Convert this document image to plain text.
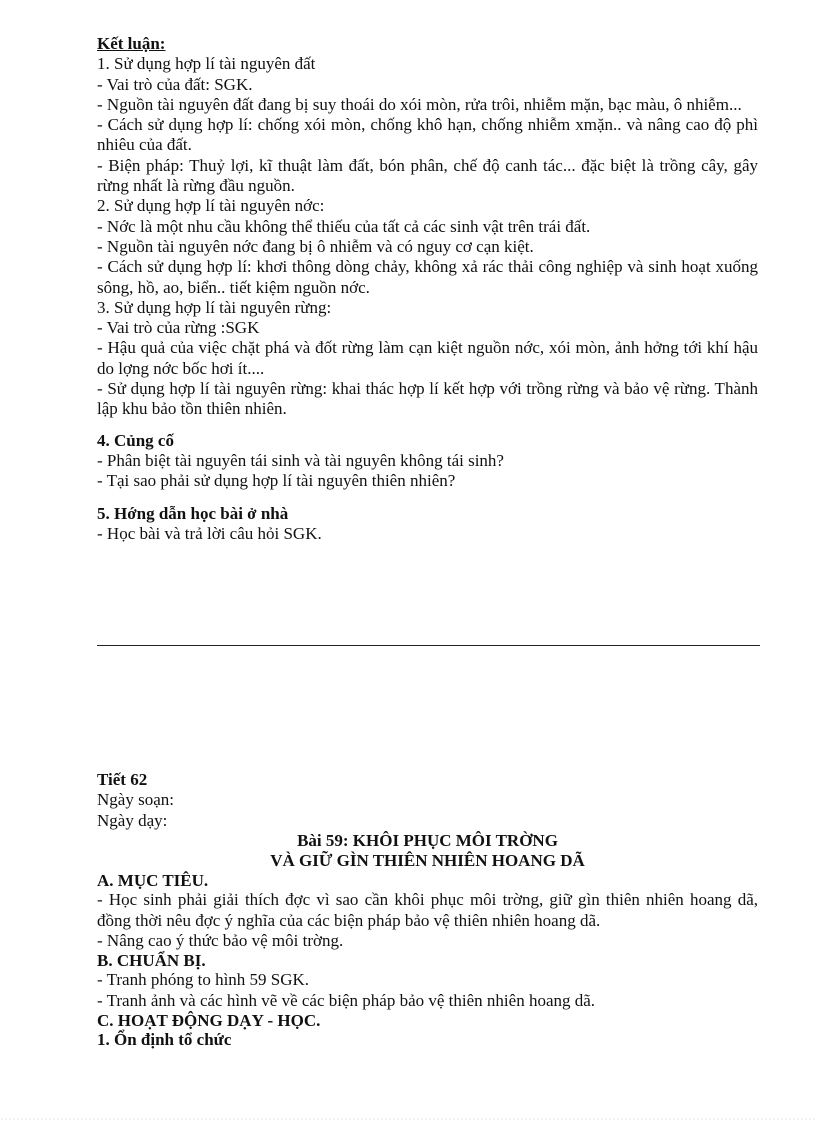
Kết luận:

1. Sử dụng hợp lí tài nguyên đất

- Vai trò của đất: SGK.

- Nguồn tài nguyên đất đang bị suy thoái do xói mòn, rửa trôi, nhiễm mặn, bạc màu, ô nhiễm...

- Cách sử dụng hợp lí: chống xói mòn, chống khô hạn, chống nhiễm xmặn.. và nâng cao độ phì nhiêu của đất.

- Biện pháp: Thuỷ lợi, kĩ thuật làm đất, bón phân, chế độ canh tác... đặc biệt là trồng cây, gây rừng nhất là rừng đầu nguồn.

2. Sử dụng hợp lí tài nguyên nớc:

- Nớc là một nhu cầu không thể thiếu của tất cả các sinh vật trên trái đất.

- Nguồn tài nguyên nớc đang bị ô nhiễm và có nguy cơ cạn kiệt.

- Cách sử dụng hợp lí: khơi thông dòng chảy, không xả rác thải công nghiệp và sinh hoạt xuống sông, hồ, ao, biển.. tiết kiệm nguồn nớc.

3. Sử dụng hợp lí tài nguyên rừng:

- Vai trò của rừng :SGK

- Hậu quả của việc chặt phá và đốt rừng làm cạn kiệt nguồn nớc, xói mòn, ảnh hởng tới khí hậu do lợng nớc bốc hơi ít....

- Sử dụng hợp lí tài nguyên rừng: khai thác hợp lí kết hợp với trồng rừng và bảo vệ rừng. Thành lập khu bảo tồn thiên nhiên.

4. Củng cố

- Phân biệt tài nguyên tái sinh và tài nguyên không tái sinh?

- Tại sao phải sử dụng hợp lí tài nguyên thiên nhiên?

5. Hớng dẫn học bài ở nhà

- Học bài và trả lời câu hỏi SGK.

Tiết 62

Ngày soạn:

Ngày dạy:

Bài 59: KHÔI PHỤC MÔI TRỜNG

VÀ GIỮ GÌN THIÊN NHIÊN HOANG DÃ

A. MỤC TIÊU.

- Học sinh phải giải thích đợc vì sao cần khôi phục môi trờng, giữ gìn thiên nhiên hoang dã, đồng thời nêu đợc ý nghĩa của các biện pháp bảo vệ thiên nhiên hoang dã.

- Nâng cao ý thức bảo vệ môi trờng.

B. CHUẨN BỊ.

- Tranh phóng to hình 59 SGK.

- Tranh ảnh và các hình vẽ về các biện pháp bảo vệ thiên nhiên hoang dã.

C. HOẠT ĐỘNG DẠY - HỌC.

1. Ổn định tổ chức
